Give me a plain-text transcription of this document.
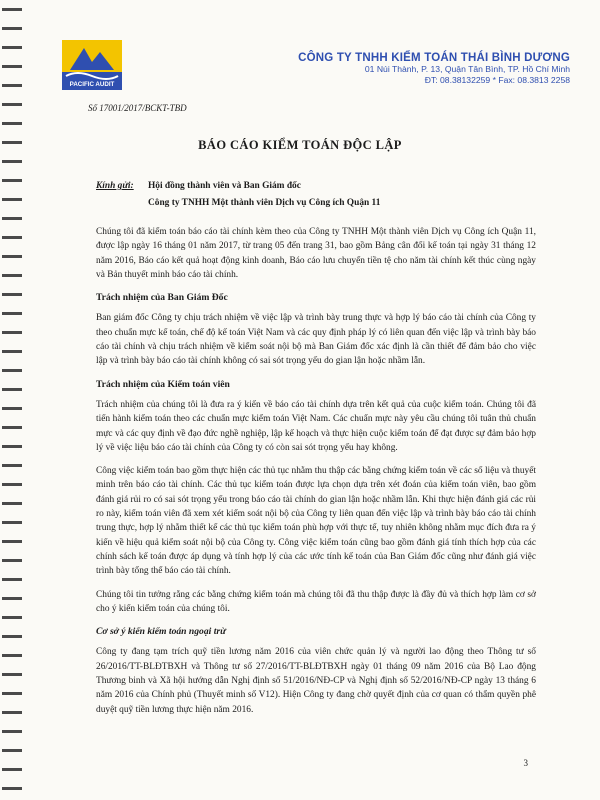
PACIFIC AUDIT
CÔNG TY TNHH KIỂM TOÁN THÁI BÌNH DƯƠNG
01 Núi Thành, P. 13, Quận Tân Bình, TP. Hồ Chí Minh
ĐT: 08.38132259 * Fax: 08.3813 2258
Số 17001/2017/BCKT-TBD
BÁO CÁO KIỂM TOÁN ĐỘC LẬP
Kính gửi: Hội đồng thành viên và Ban Giám đốc
Công ty TNHH Một thành viên Dịch vụ Công ích Quận 11

Chúng tôi đã kiểm toán báo cáo tài chính kèm theo của Công ty TNHH Một thành viên Dịch vụ Công ích Quận 11, được lập ngày 16 tháng 01 năm 2017, từ trang 05 đến trang 31, bao gồm Bảng cân đối kế toán tại ngày 31 tháng 12 năm 2016, Báo cáo kết quả hoạt động kinh doanh, Báo cáo lưu chuyển tiền tệ cho năm tài chính kết thúc cùng ngày và Bản thuyết minh báo cáo tài chính.

Trách nhiệm của Ban Giám Đốc

Ban giám đốc Công ty chịu trách nhiệm về việc lập và trình bày trung thực và hợp lý báo cáo tài chính của Công ty theo chuẩn mực kế toán, chế độ kế toán Việt Nam và các quy định pháp lý có liên quan đến việc lập và trình bày báo cáo tài chính và chịu trách nhiệm về kiểm soát nội bộ mà Ban Giám đốc xác định là cần thiết để đảm bảo cho việc lập và trình bày báo cáo tài chính không có sai sót trọng yếu do gian lận hoặc nhầm lẫn.

Trách nhiệm của Kiểm toán viên

Trách nhiệm của chúng tôi là đưa ra ý kiến về báo cáo tài chính dựa trên kết quả của cuộc kiểm toán. Chúng tôi đã tiến hành kiểm toán theo các chuẩn mực kiểm toán Việt Nam. Các chuẩn mực này yêu cầu chúng tôi tuân thủ chuẩn mực và các quy định về đạo đức nghề nghiệp, lập kế hoạch và thực hiện cuộc kiểm toán để đạt được sự đảm bảo hợp lý về việc liệu báo cáo tài chính của Công ty có còn sai sót trọng yếu hay không.

Công việc kiểm toán bao gồm thực hiện các thủ tục nhằm thu thập các bằng chứng kiểm toán về các số liệu và thuyết minh trên báo cáo tài chính. Các thủ tục kiểm toán được lựa chọn dựa trên xét đoán của kiểm toán viên, bao gồm đánh giá rủi ro có sai sót trọng yếu trong báo cáo tài chính do gian lận hoặc nhầm lẫn. Khi thực hiện đánh giá các rủi ro này, kiểm toán viên đã xem xét kiểm soát nội bộ của Công ty liên quan đến việc lập và trình bày báo cáo tài chính trung thực, hợp lý nhằm thiết kế các thủ tục kiểm toán phù hợp với thực tế, tuy nhiên không nhằm mục đích đưa ra ý kiến về hiệu quả kiểm soát nội bộ của Công ty. Công việc kiểm toán cũng bao gồm đánh giá tính thích hợp của các chính sách kế toán được áp dụng và tính hợp lý của các ước tính kế toán của Ban Giám đốc cũng như đánh giá việc trình bày tổng thể báo cáo tài chính.

Chúng tôi tin tưởng rằng các bằng chứng kiểm toán mà chúng tôi đã thu thập được là đầy đủ và thích hợp làm cơ sở cho ý kiến kiểm toán của chúng tôi.

Cơ sở ý kiến kiểm toán ngoại trừ

Công ty đang tạm trích quỹ tiền lương năm 2016 của viên chức quản lý và người lao động theo Thông tư số 26/2016/TT-BLĐTBXH và Thông tư số 27/2016/TT-BLĐTBXH ngày 01 tháng 09 năm 2016 của Bộ Lao động Thương binh và Xã hội hướng dẫn Nghị định số 51/2016/NĐ-CP và Nghị định số 52/2016/NĐ-CP ngày 13 tháng 6 năm 2016 của Chính phủ (Thuyết minh số V12). Hiện Công ty đang chờ quyết định của cơ quan có thẩm quyền phê duyệt quỹ tiền lương thực hiện năm 2016.

3
